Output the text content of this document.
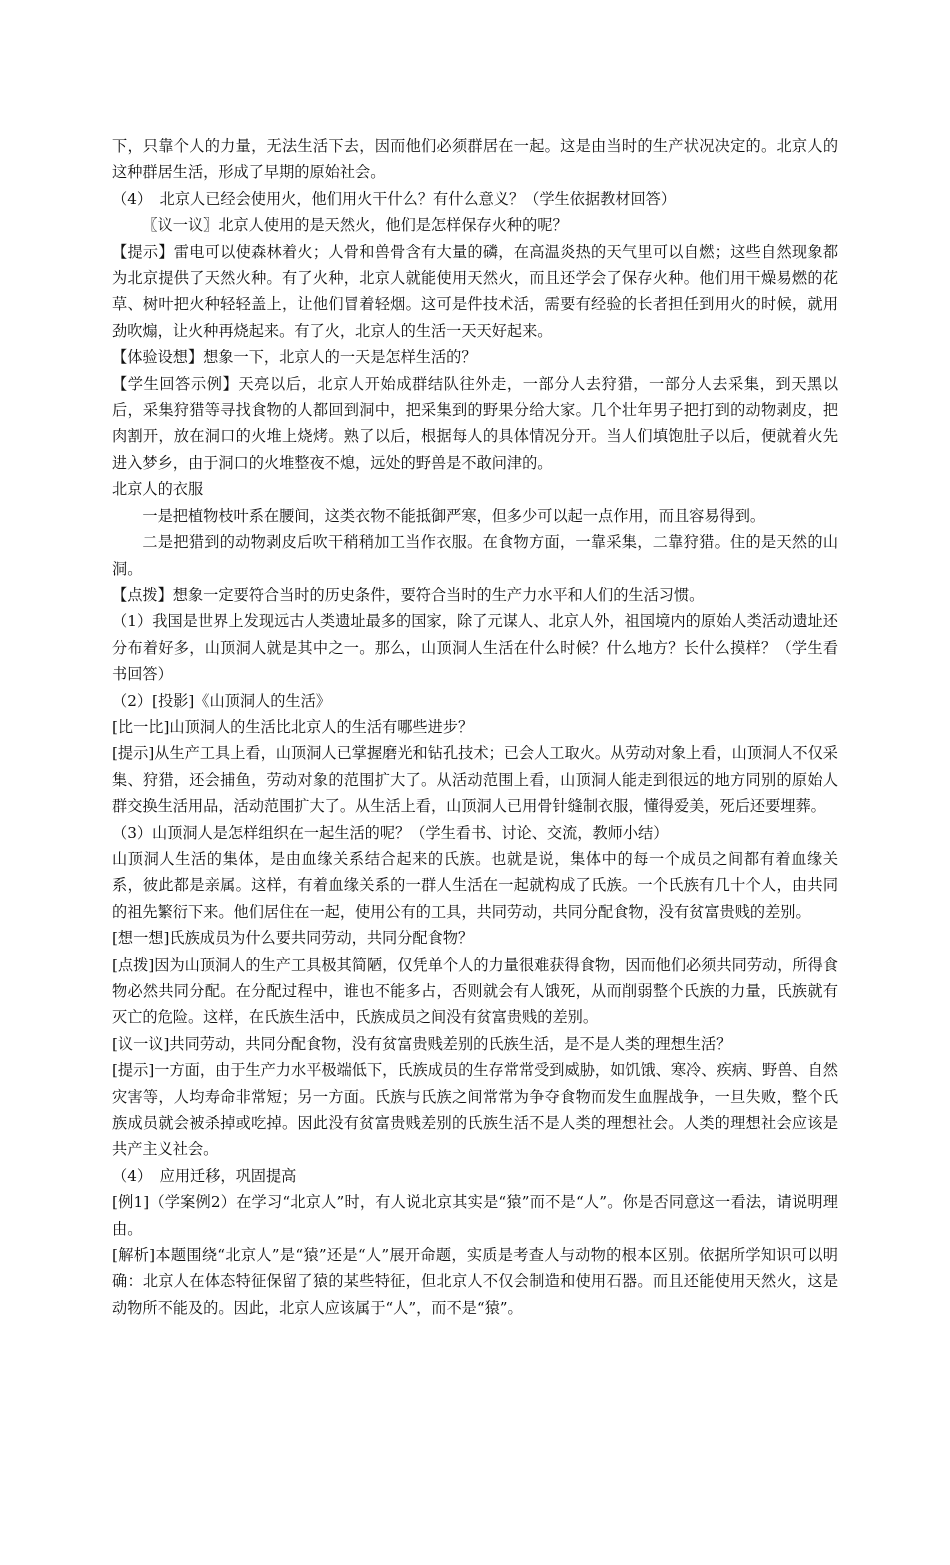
下，只靠个人的力量，无法生活下去，因而他们必须群居在一起。这是由当时的生产状况决定的。北京人的这种群居生活，形成了早期的原始社会。

（4）　北京人已经会使用火，他们用火干什么？有什么意义？（学生依据教材回答）

〖议一议〗北京人使用的是天然火，他们是怎样保存火种的呢？

【提示】雷电可以使森林着火；人骨和兽骨含有大量的磷，在高温炎热的天气里可以自燃；这些自然现象都为北京提供了天然火种。有了火种，北京人就能使用天然火，而且还学会了保存火种。他们用干燥易燃的花草、树叶把火种轻轻盖上，让他们冒着轻烟。这可是件技术活，需要有经验的长者担任到用火的时候，就用劲吹煽，让火种再烧起来。有了火，北京人的生活一天天好起来。

【体验设想】想象一下，北京人的一天是怎样生活的？

【学生回答示例】天亮以后，北京人开始成群结队往外走，一部分人去狩猎，一部分人去采集，到天黑以后，采集狩猎等寻找食物的人都回到洞中，把采集到的野果分给大家。几个壮年男子把打到的动物剥皮，把肉割开，放在洞口的火堆上烧烤。熟了以后，根据每人的具体情况分开。当人们填饱肚子以后，便就着火先进入梦乡，由于洞口的火堆整夜不熄，远处的野兽是不敢问津的。

北京人的衣服

一是把植物枝叶系在腰间，这类衣物不能抵御严寒，但多少可以起一点作用，而且容易得到。

二是把猎到的动物剥皮后吹干稍稍加工当作衣服。在食物方面，一靠采集，二靠狩猎。住的是天然的山洞。

【点拨】想象一定要符合当时的历史条件，要符合当时的生产力水平和人们的生活习惯。

（1）我国是世界上发现远古人类遗址最多的国家，除了元谋人、北京人外，祖国境内的原始人类活动遗址还分布着好多，山顶洞人就是其中之一。那么，山顶洞人生活在什么时候？什么地方？长什么摸样？（学生看书回答）

（2）[投影]《山顶洞人的生活》

[比一比]山顶洞人的生活比北京人的生活有哪些进步？

[提示]从生产工具上看，山顶洞人已掌握磨光和钻孔技术；已会人工取火。从劳动对象上看，山顶洞人不仅采集、狩猎，还会捕鱼，劳动对象的范围扩大了。从活动范围上看，山顶洞人能走到很远的地方同别的原始人群交换生活用品，活动范围扩大了。从生活上看，山顶洞人已用骨针缝制衣服，懂得爱美，死后还要埋葬。

（3）山顶洞人是怎样组织在一起生活的呢？（学生看书、讨论、交流，教师小结）

山顶洞人生活的集体，是由血缘关系结合起来的氏族。也就是说，集体中的每一个成员之间都有着血缘关系，彼此都是亲属。这样，有着血缘关系的一群人生活在一起就构成了氏族。一个氏族有几十个人，由共同的祖先繁衍下来。他们居住在一起，使用公有的工具，共同劳动，共同分配食物，没有贫富贵贱的差别。

[想一想]氏族成员为什么要共同劳动，共同分配食物？

[点拨]因为山顶洞人的生产工具极其简陋，仅凭单个人的力量很难获得食物，因而他们必须共同劳动，所得食物必然共同分配。在分配过程中，谁也不能多占，否则就会有人饿死，从而削弱整个氏族的力量，氏族就有灭亡的危险。这样，在氏族生活中，氏族成员之间没有贫富贵贱的差别。

[议一议]共同劳动，共同分配食物，没有贫富贵贱差别的氏族生活，是不是人类的理想生活？

[提示]一方面，由于生产力水平极端低下，氏族成员的生存常常受到威胁，如饥饿、寒冷、疾病、野兽、自然灾害等，人均寿命非常短；另一方面。氏族与氏族之间常常为争夺食物而发生血腥战争，一旦失败，整个氏族成员就会被杀掉或吃掉。因此没有贫富贵贱差别的氏族生活不是人类的理想社会。人类的理想社会应该是共产主义社会。

（4）　应用迁移，巩固提高

[例1]（学案例2）在学习“北京人”时，有人说北京其实是“猿”而不是“人”。你是否同意这一看法，请说明理由。

[解析]本题围绕“北京人”是“猿”还是“人”展开命题，实质是考查人与动物的根本区别。依据所学知识可以明确：北京人在体态特征保留了猿的某些特征，但北京人不仅会制造和使用石器。而且还能使用天然火，这是动物所不能及的。因此，北京人应该属于“人”，而不是“猿”。
